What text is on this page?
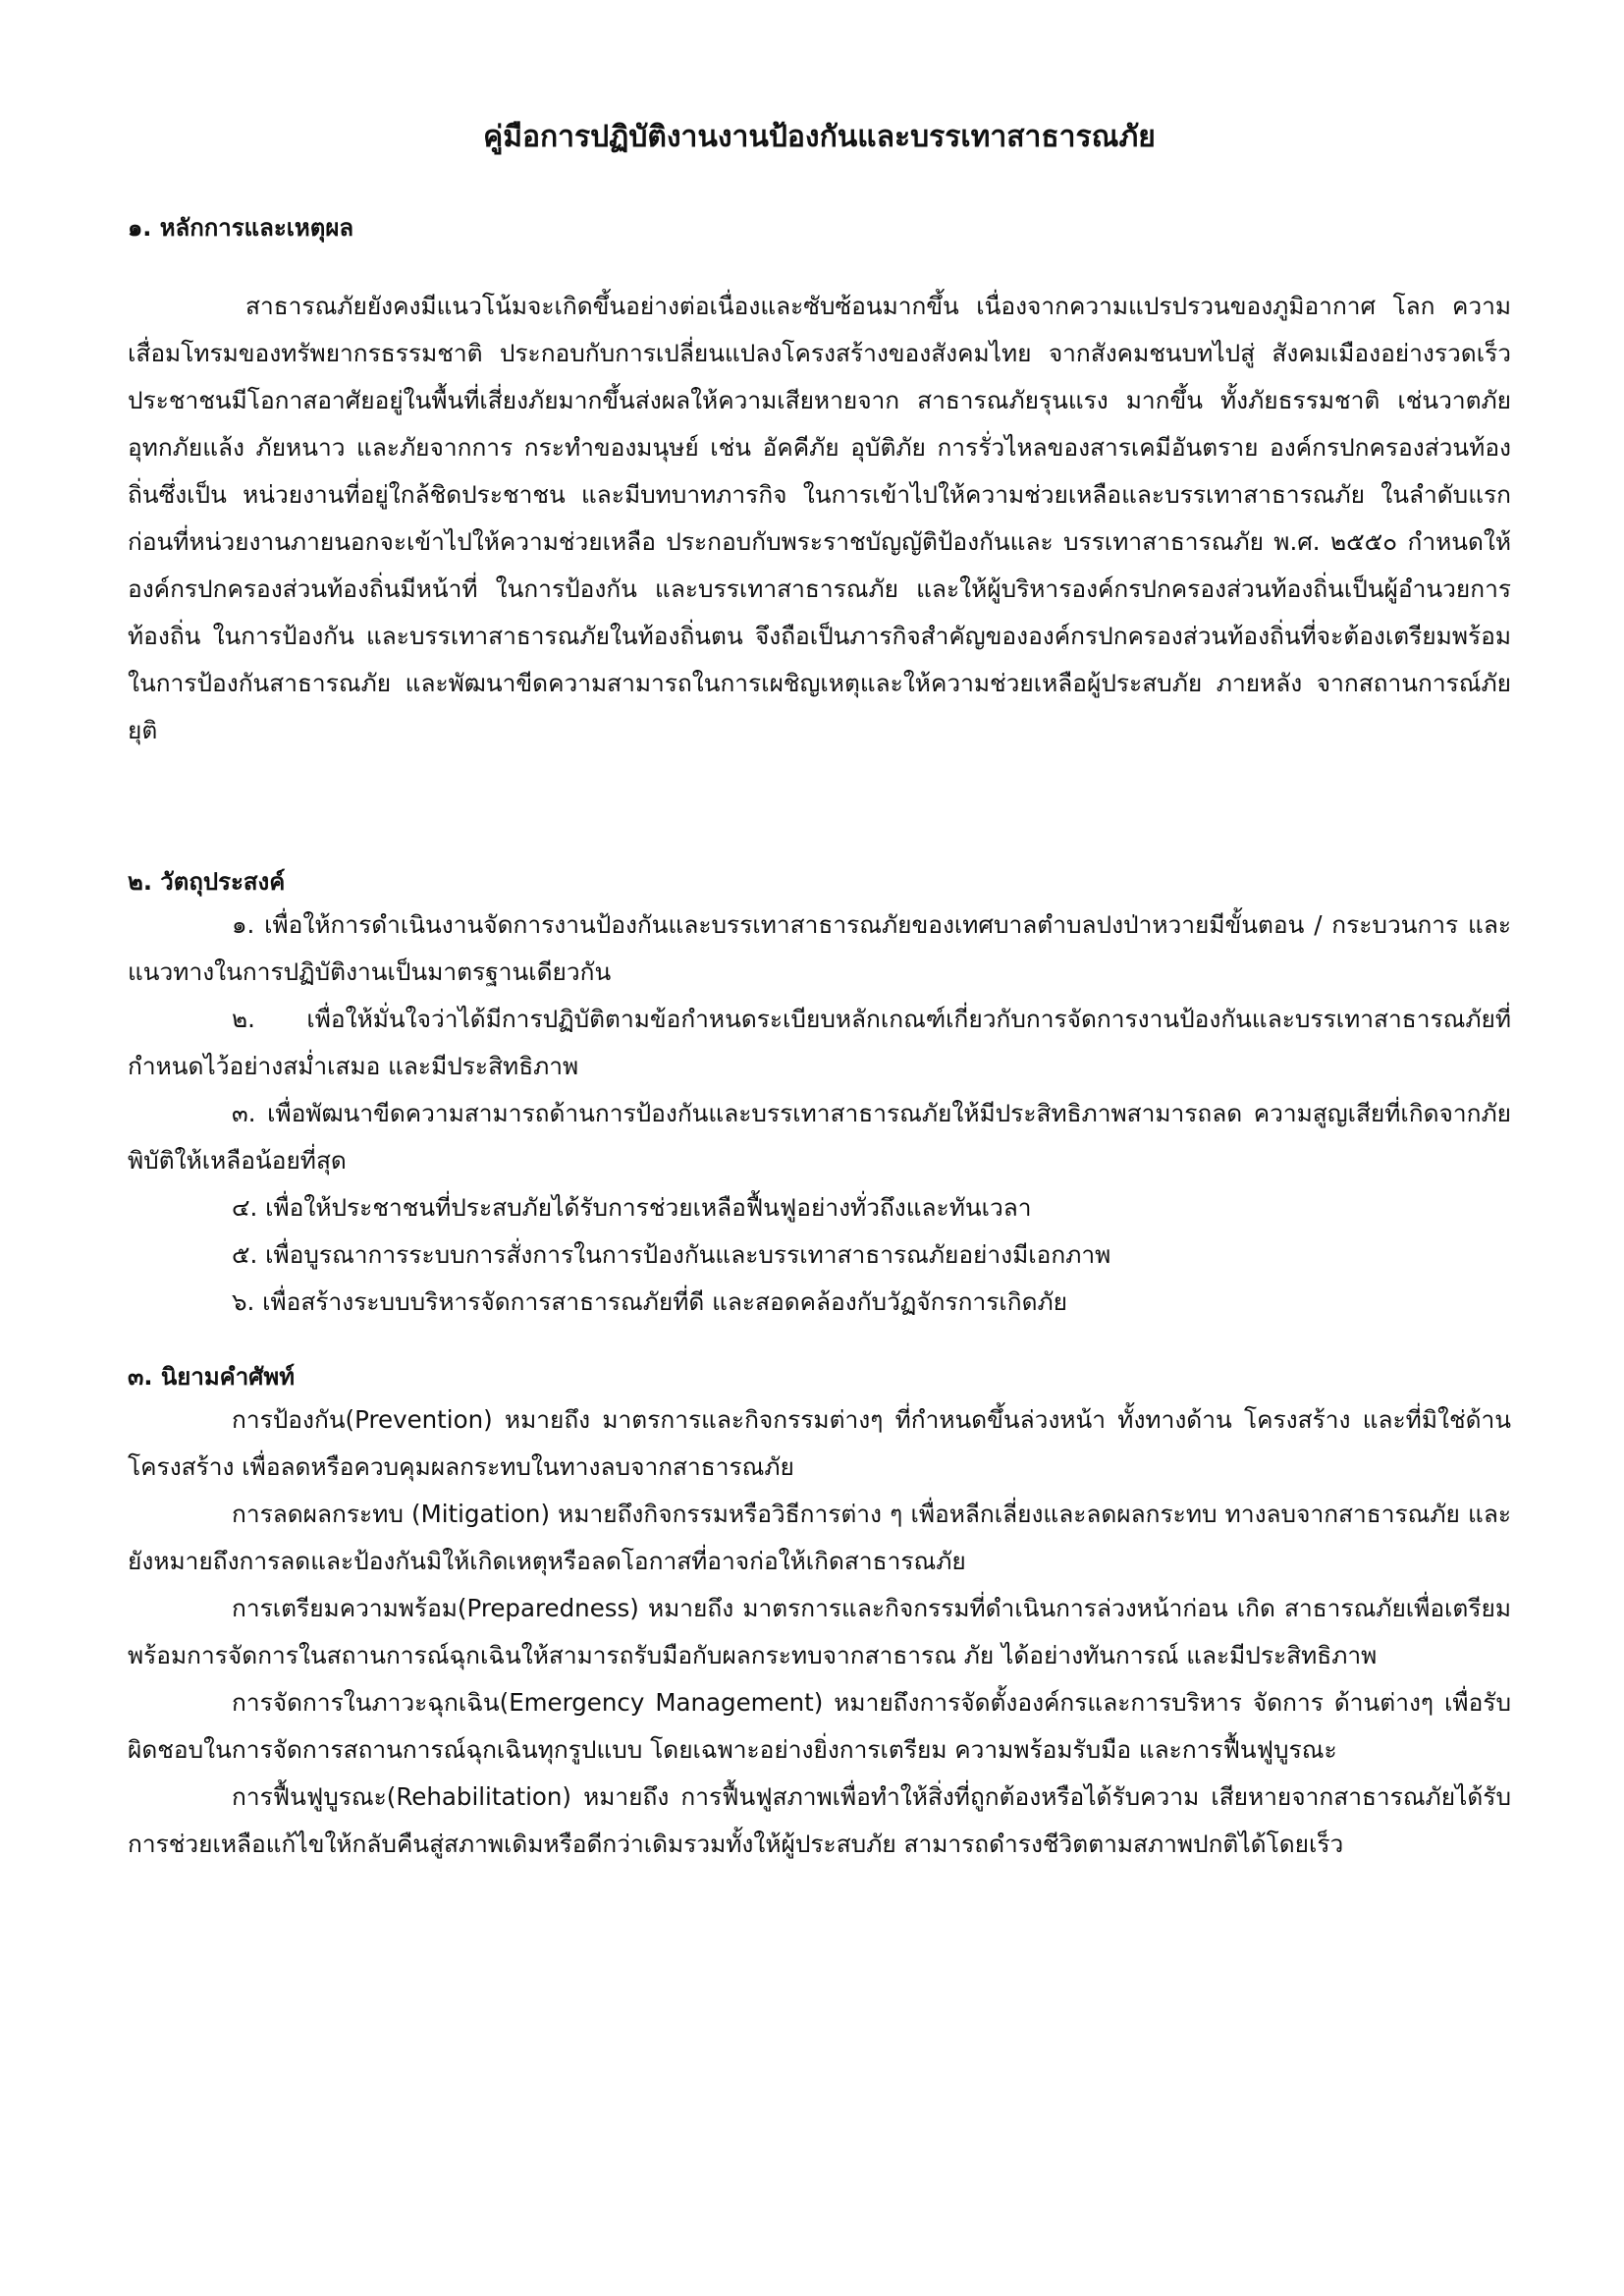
คู่มือการปฏิบัติงานงานป้องกันและบรรเทาสาธารณภัย
๑. หลักการและเหตุผล

สาธารณภัยยังคงมีแนวโน้มจะเกิดขึ้นอย่างต่อเนื่องและซับซ้อนมากขึ้น เนื่องจากความแปรปรวนของภูมิอากาศ โลก ความเสื่อมโทรมของทรัพยากรธรรมชาติ ประกอบกับการเปลี่ยนแปลงโครงสร้างของสังคมไทย จากสังคมชนบทไปสู่ สังคมเมืองอย่างรวดเร็ว ประชาชนมีโอกาสอาศัยอยู่ในพื้นที่เสี่ยงภัยมากขึ้นส่งผลให้ความเสียหายจาก สาธารณภัยรุนแรง มากขึ้น ทั้งภัยธรรมชาติ เช่นวาตภัย อุทกภัยแล้ง ภัยหนาว และภัยจากการ กระทำของมนุษย์ เช่น อัคคีภัย อุบัติภัย การรั่วไหลของสารเคมีอันตราย องค์กรปกครองส่วนท้องถิ่นซึ่งเป็น หน่วยงานที่อยู่ใกล้ชิดประชาชน และมีบทบาทภารกิจ ในการเข้าไปให้ความช่วยเหลือและบรรเทาสาธารณภัย ในลำดับแรกก่อนที่หน่วยงานภายนอกจะเข้าไปให้ความช่วยเหลือ ประกอบกับพระราชบัญญัติป้องกันและ บรรเทาสาธารณภัย พ.ศ. ๒๕๕๐ กำหนดให้องค์กรปกครองส่วนท้องถิ่นมีหน้าที่ ในการป้องกัน และบรรเทาสาธารณภัย และให้ผู้บริหารองค์กรปกครองส่วนท้องถิ่นเป็นผู้อำนวยการท้องถิ่น ในการป้องกัน และบรรเทาสาธารณภัยในท้องถิ่นตน จึงถือเป็นภารกิจสำคัญขององค์กรปกครองส่วนท้องถิ่นที่จะต้องเตรียมพร้อมในการป้องกันสาธารณภัย และพัฒนาขีดความสามารถในการเผชิญเหตุและให้ความช่วยเหลือผู้ประสบภัย ภายหลัง จากสถานการณ์ภัยยุติ

๒. วัตถุประสงค์

๑. เพื่อให้การดำเนินงานจัดการงานป้องกันและบรรเทาสาธารณภัยของเทศบาลตำบลปงป่าหวายมีขั้นตอน / กระบวนการ และแนวทางในการปฏิบัติงานเป็นมาตรฐานเดียวกัน

๒. เพื่อให้มั่นใจว่าได้มีการปฏิบัติตามข้อกำหนดระเบียบหลักเกณฑ์เกี่ยวกับการจัดการงานป้องกันและบรรเทาสาธารณภัยที่กำหนดไว้อย่างสม่ำเสมอ และมีประสิทธิภาพ

๓. เพื่อพัฒนาขีดความสามารถด้านการป้องกันและบรรเทาสาธารณภัยให้มีประสิทธิภาพสามารถลด ความสูญเสียที่เกิดจากภัยพิบัติให้เหลือน้อยที่สุด

๔. เพื่อให้ประชาชนที่ประสบภัยได้รับการช่วยเหลือฟื้นฟูอย่างทั่วถึงและทันเวลา

๕. เพื่อบูรณาการระบบการสั่งการในการป้องกันและบรรเทาสาธารณภัยอย่างมีเอกภาพ

๖. เพื่อสร้างระบบบริหารจัดการสาธารณภัยที่ดี และสอดคล้องกับวัฏจักรการเกิดภัย

๓. นิยามคำศัพท์

การป้องกัน(Prevention) หมายถึง มาตรการและกิจกรรมต่างๆ ที่กำหนดขึ้นล่วงหน้า ทั้งทางด้าน โครงสร้าง และที่มิใช่ด้านโครงสร้าง เพื่อลดหรือควบคุมผลกระทบในทางลบจากสาธารณภัย

การลดผลกระทบ (Mitigation) หมายถึงกิจกรรมหรือวิธีการต่าง ๆ เพื่อหลีกเลี่ยงและลดผลกระทบ ทางลบจากสาธารณภัย และยังหมายถึงการลดและป้องกันมิให้เกิดเหตุหรือลดโอกาสที่อาจก่อให้เกิดสาธารณภัย

การเตรียมความพร้อม(Preparedness) หมายถึง มาตรการและกิจกรรมที่ดำเนินการล่วงหน้าก่อน เกิด สาธารณภัยเพื่อเตรียมพร้อมการจัดการในสถานการณ์ฉุกเฉินให้สามารถรับมือกับผลกระทบจากสาธารณ ภัย ได้อย่างทันการณ์ และมีประสิทธิภาพ

การจัดการในภาวะฉุกเฉิน(Emergency Management) หมายถึงการจัดตั้งองค์กรและการบริหาร จัดการ ด้านต่างๆ เพื่อรับผิดชอบในการจัดการสถานการณ์ฉุกเฉินทุกรูปแบบ โดยเฉพาะอย่างยิ่งการเตรียม ความพร้อมรับมือ และการฟื้นฟูบูรณะ

การฟื้นฟูบูรณะ(Rehabilitation) หมายถึง การฟื้นฟูสภาพเพื่อทำให้สิ่งที่ถูกต้องหรือได้รับความ เสียหายจากสาธารณภัยได้รับการช่วยเหลือแก้ไขให้กลับคืนสู่สภาพเดิมหรือดีกว่าเดิมรวมทั้งให้ผู้ประสบภัย สามารถดำรงชีวิตตามสภาพปกติได้โดยเร็ว
